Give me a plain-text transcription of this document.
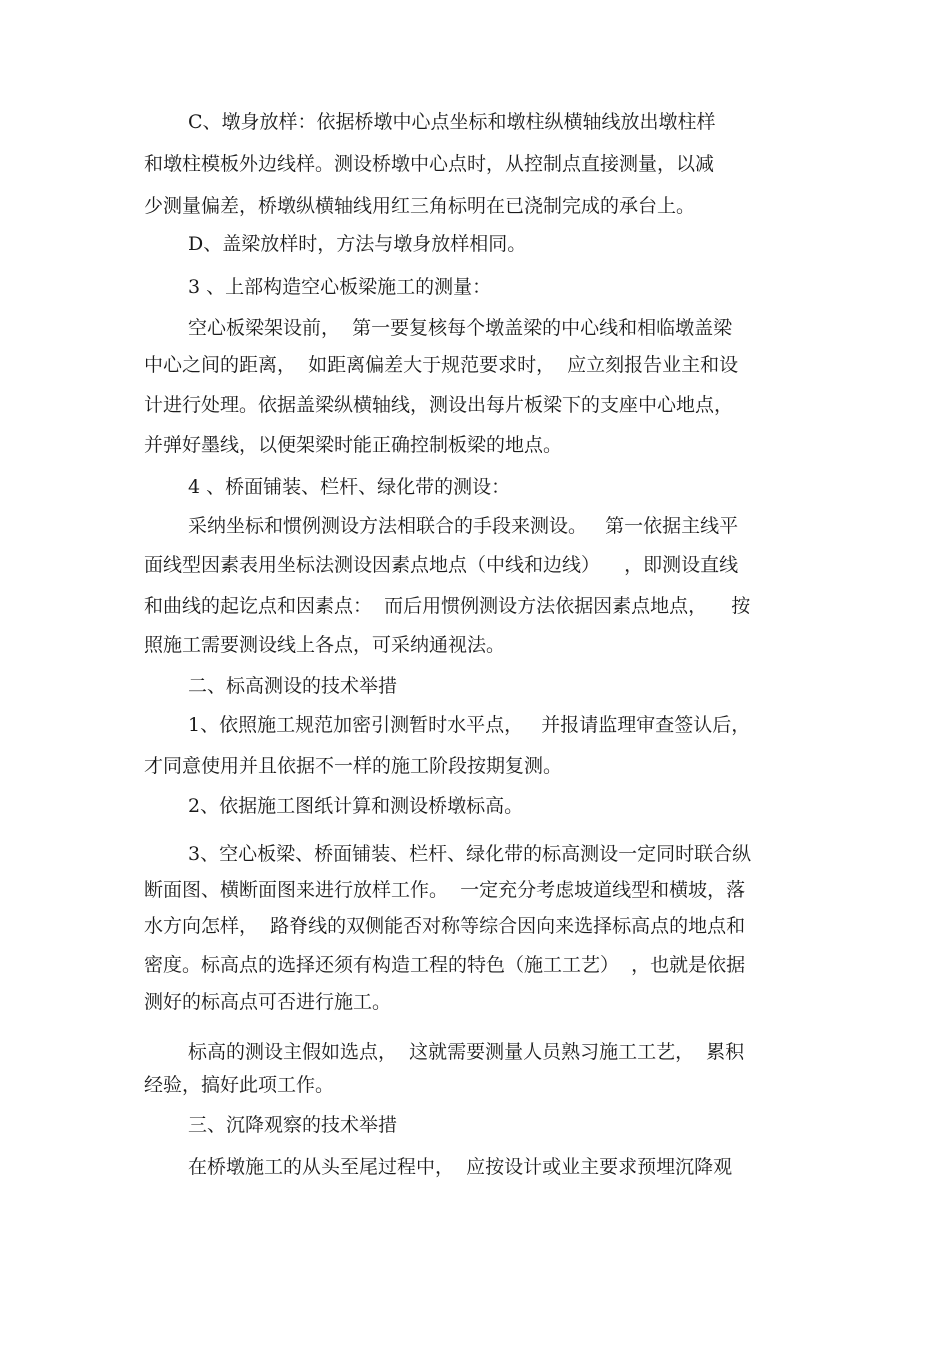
C、墩身放样：依据桥墩中心点坐标和墩柱纵横轴线放出墩柱样
和墩柱模板外边线样。测设桥墩中心点时，从控制点直接测量，以减
少测量偏差，桥墩纵横轴线用红三角标明在已浇制完成的承台上。
D、盖梁放样时，方法与墩身放样相同。
3 、上部构造空心板梁施工的测量：
空心板梁架设前，  第一要复核每个墩盖梁的中心线和相临墩盖梁
中心之间的距离，  如距离偏差大于规范要求时，  应立刻报告业主和设
计进行处理。依据盖梁纵横轴线，测设出每片板梁下的支座中心地点，
并弹好墨线，以便架梁时能正确控制板梁的地点。
4 、桥面铺装、栏杆、绿化带的测设：
采纳坐标和惯例测设方法相联合的手段来测设。   第一依据主线平
面线型因素表用坐标法测设因素点地点（中线和边线）    ，即测设直线
和曲线的起讫点和因素点：  而后用惯例测设方法依据因素点地点，    按
照施工需要测设线上各点，可采纳通视法。
二、标高测设的技术举措
1、依照施工规范加密引测暂时水平点，   并报请监理审查签认后，
才同意使用并且依据不一样的施工阶段按期复测。
2、依据施工图纸计算和测设桥墩标高。
3、空心板梁、桥面铺装、栏杆、绿化带的标高测设一定同时联合纵
断面图、横断面图来进行放样工作。  一定充分考虑坡道线型和横坡，落
水方向怎样，  路脊线的双侧能否对称等综合因向来选择标高点的地点和
密度。标高点的选择还须有构造工程的特色（施工工艺）  ，也就是依据
测好的标高点可否进行施工。
标高的测设主假如选点，  这就需要测量人员熟习施工工艺，  累积
经验，搞好此项工作。
三、沉降观察的技术举措
在桥墩施工的从头至尾过程中，  应按设计或业主要求预埋沉降观
